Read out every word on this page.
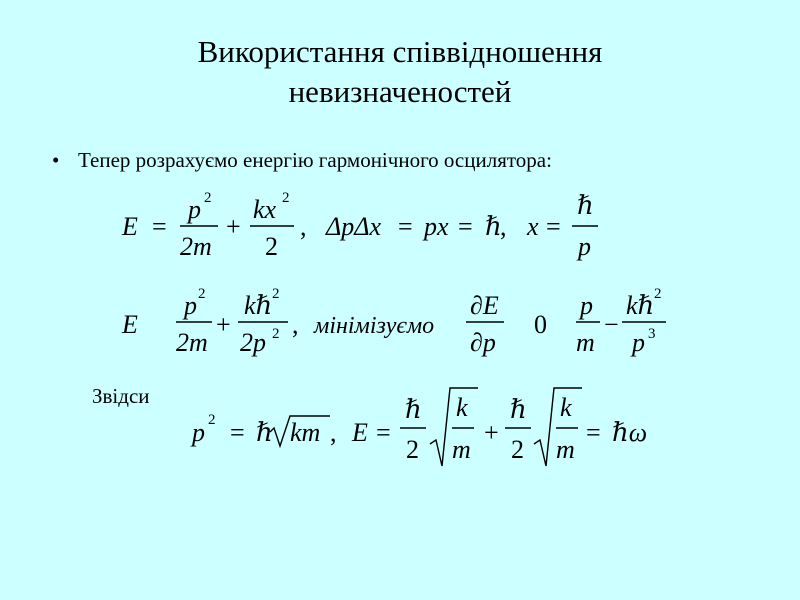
Використання співвідношення
невизначеностей
• Тепер розрахуємо енергію гармонічного осцилятора:
Звідси
E =
p 2
2m
+
kx 2
2
, ΔpΔx = px = ℏ
, x =
ℏ
p
E
p 2
2m
+
kℏ 2
2p 2 , мінімізуємо
∂E
∂p
0
p
m
−
kℏ 2
p 3
p 2 = ℏ km , E =
ℏ
2
k
m
+
ℏ
2
k
m
= ℏω
